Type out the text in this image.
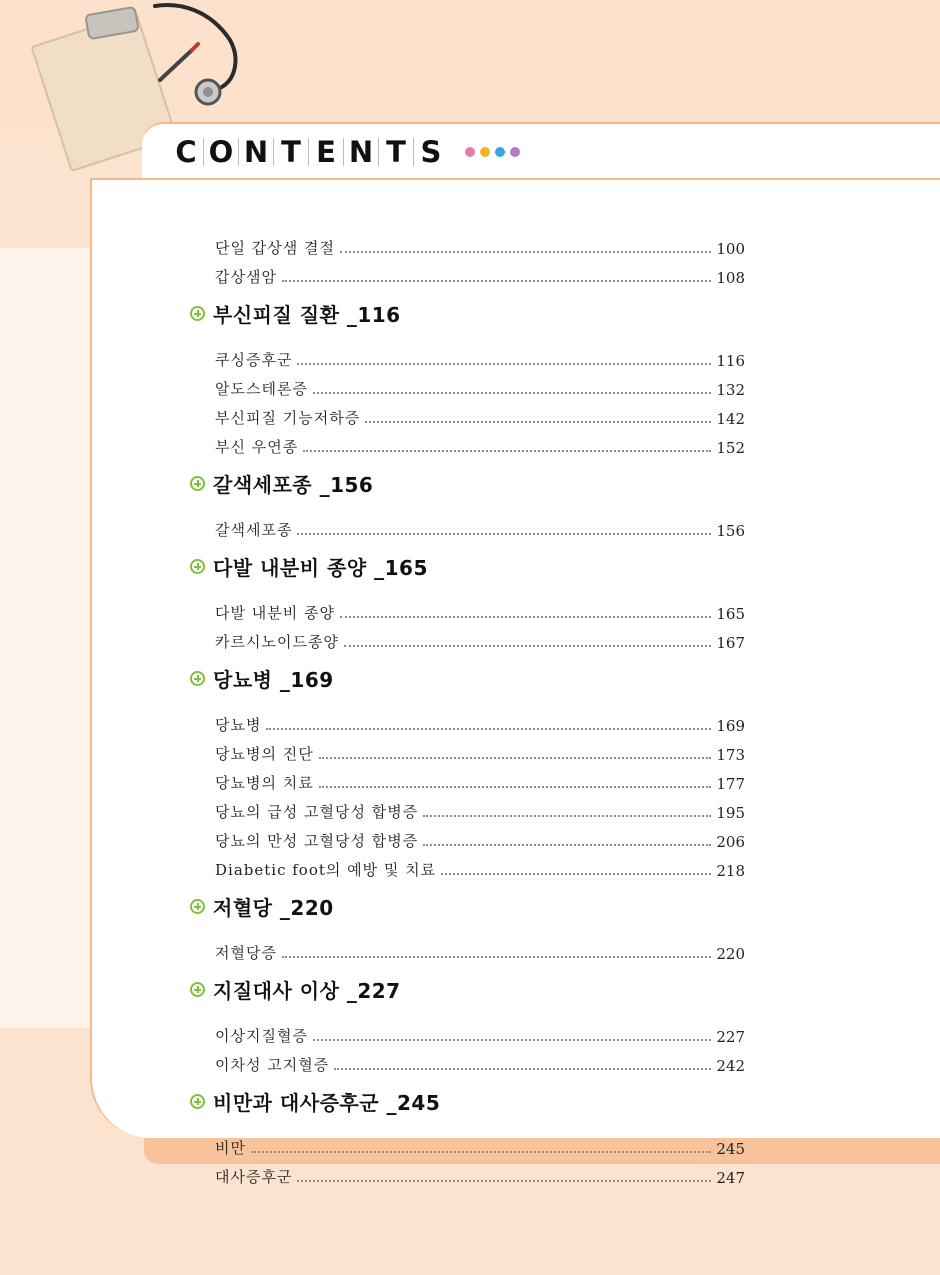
C O N T E N T S
단일 갑상샘 결절	100
갑상샘암	108
부신피질 질환 _116
쿠싱증후군	116
알도스테론증	132
부신피질 기능저하증	142
부신 우연종	152
갈색세포종 _156
갈색세포종	156
다발 내분비 종양 _165
다발 내분비 종양	165
카르시노이드종양	167
당뇨병 _169
당뇨병	169
당뇨병의 진단	173
당뇨병의 치료	177
당뇨의 급성 고혈당성 합병증	195
당뇨의 만성 고혈당성 합병증	206
Diabetic foot의 예방 및 치료	218
저혈당 _220
저혈당증	220
지질대사 이상 _227
이상지질혈증	227
이차성 고지혈증	242
비만과 대사증후군 _245
비만	245
대사증후군	247
